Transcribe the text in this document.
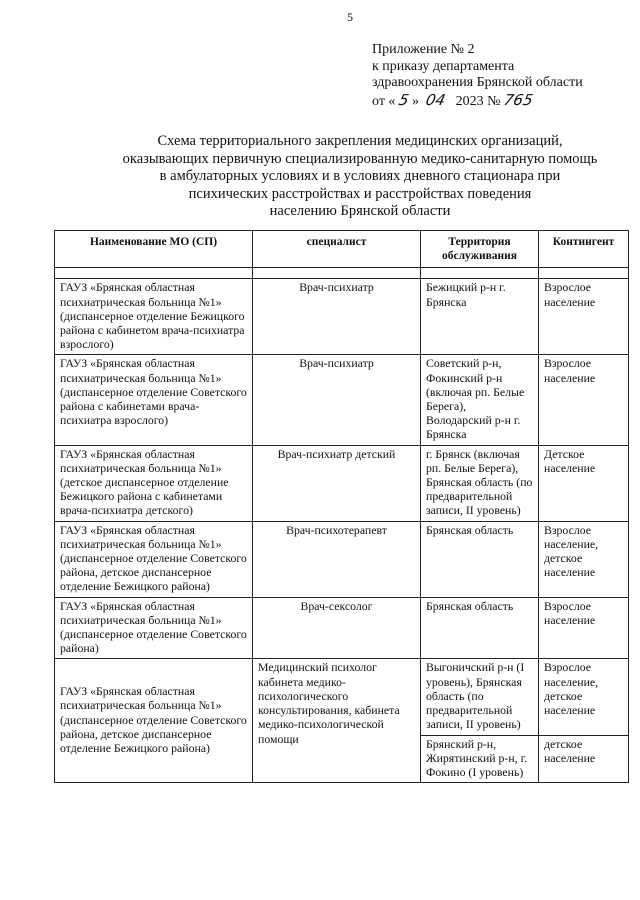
5
Приложение № 2
к приказу департамента
здравоохранения Брянской области
от « 5 » 04 2023 № 765
Схема территориального закрепления медицинских организаций,
оказывающих первичную специализированную медико-санитарную помощь
в амбулаторных условиях и в условиях дневного стационара при
психических расстройствах и расстройствах поведения
населению Брянской области
Наименование МО (СП)	специалист	Территория обслуживания	Контингент

ГАУЗ «Брянская областная психиатрическая больница №1» (диспансерное отделение Бежицкого района с кабинетом врача-психиатра взрослого)	Врач-психиатр	Бежицкий р-н г. Брянска	Взрослое население
ГАУЗ «Брянская областная психиатрическая больница №1» (диспансерное отделение Советского района с кабинетами врача-психиатра взрослого)	Врач-психиатр	Советский р-н, Фокинский р-н (включая рп. Белые Берега), Володарский р-н г. Брянска	Взрослое население
ГАУЗ «Брянская областная психиатрическая больница №1» (детское диспансерное отделение Бежицкого района с кабинетами врача-психиатра детского)	Врач-психиатр детский	г. Брянск (включая рп. Белые Берега), Брянская область (по предварительной записи, II уровень)	Детское население
ГАУЗ «Брянская областная психиатрическая больница №1» (диспансерное отделение Советского района, детское диспансерное отделение Бежицкого района)	Врач-психотерапевт	Брянская область	Взрослое население, детское население
ГАУЗ «Брянская областная психиатрическая больница №1» (диспансерное отделение Советского района)	Врач-сексолог	Брянская область	Взрослое население
ГАУЗ «Брянская областная психиатрическая больница №1» (диспансерное отделение Советского района, детское диспансерное отделение Бежицкого района)	Медицинский психолог кабинета медико-психологического консультирования, кабинета медико-психологической помощи	Выгоничский р-н (I уровень), Брянская область (по предварительной записи, II уровень)	Взрослое население, детское население
		Брянский р-н, Жирятинский р-н, г. Фокино (I уровень)	детское население
